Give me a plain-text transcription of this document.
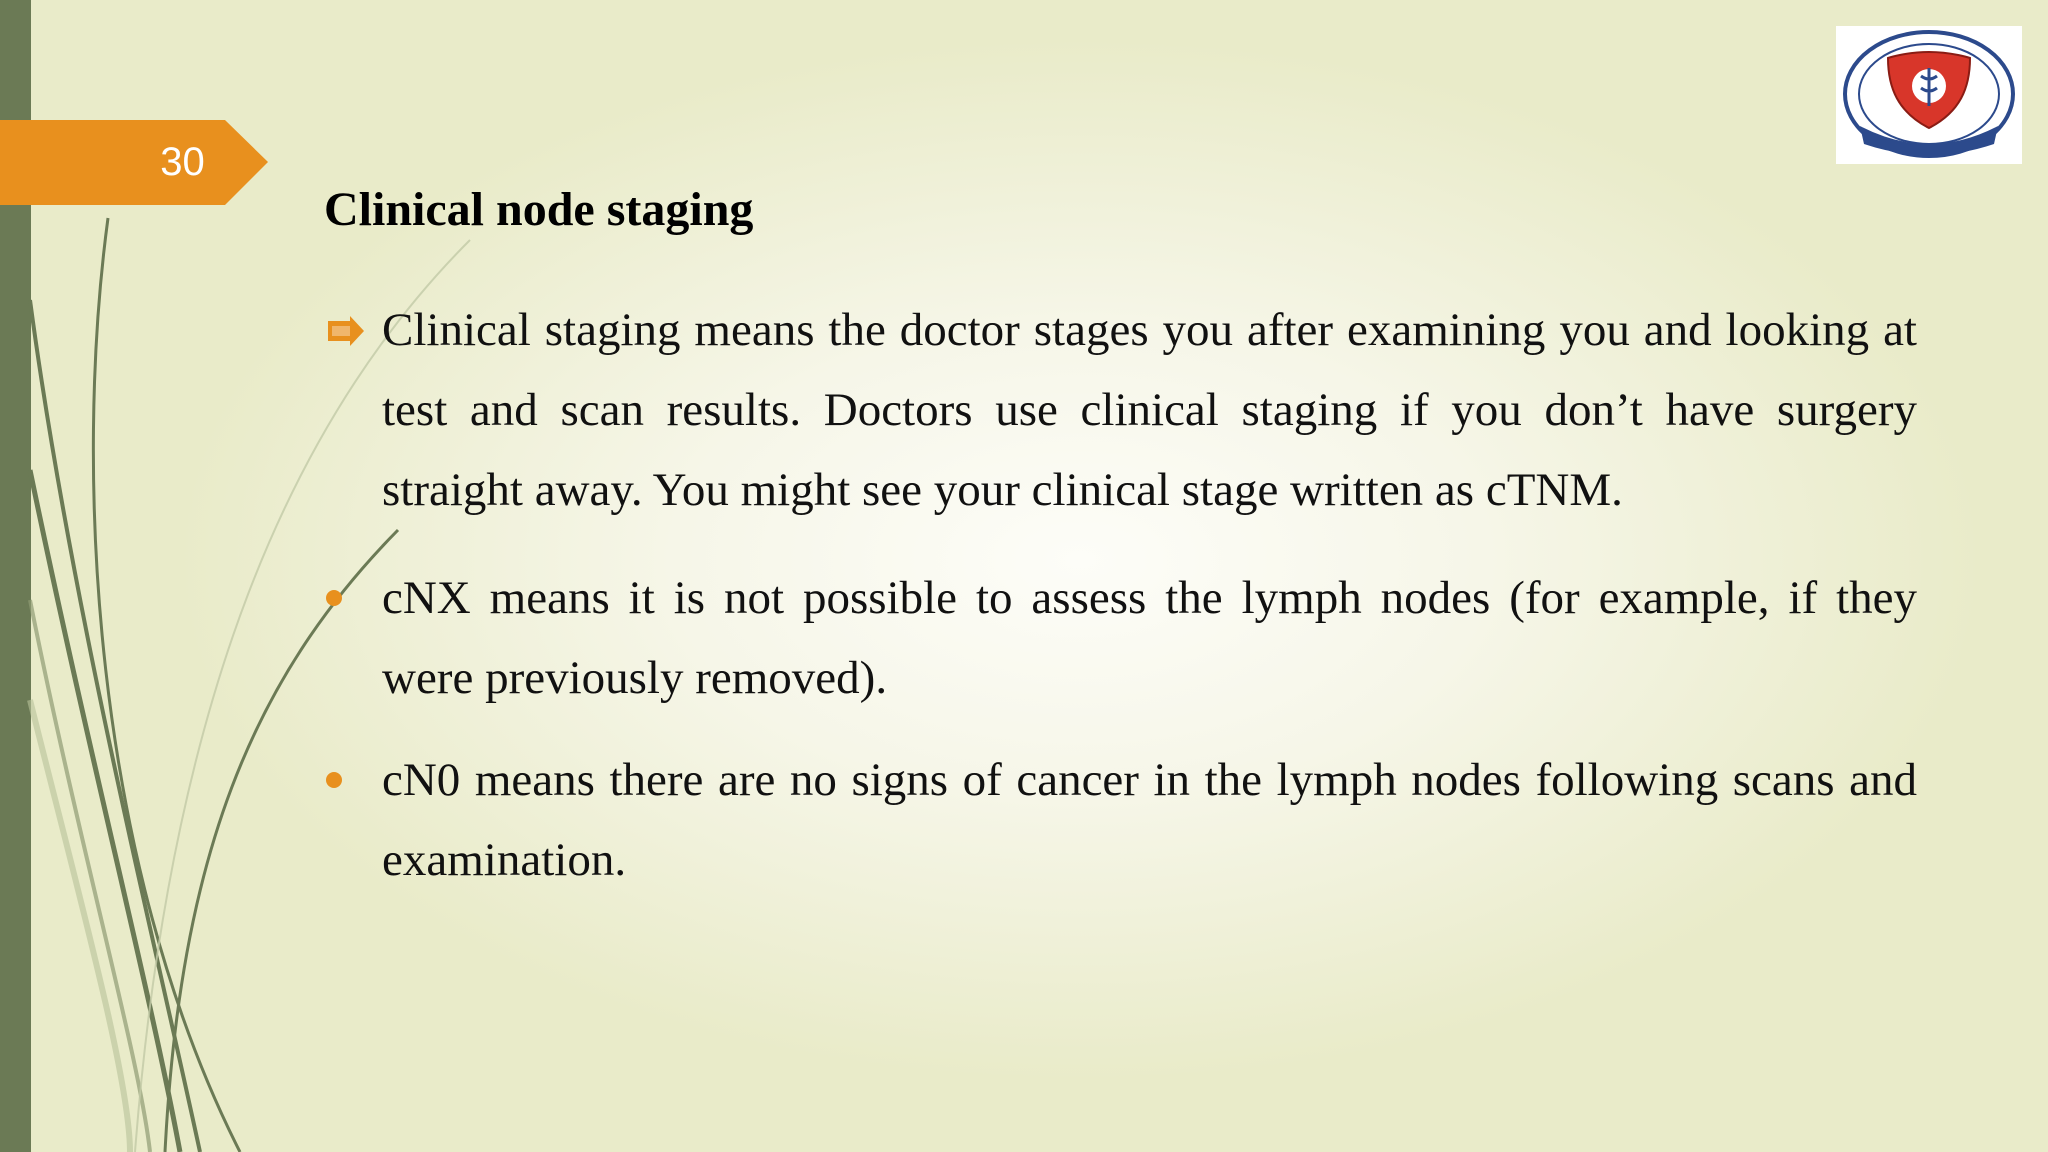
30
Clinical node staging
Clinical staging means the doctor stages you after examining you and looking at test and scan results. Doctors use clinical staging if you don’t have surgery straight away. You might see your clinical stage written as cTNM.
cNX means it is not possible to assess the lymph nodes (for example, if they were previously removed).
cN0 means there are no signs of cancer in the lymph nodes following scans and examination.
